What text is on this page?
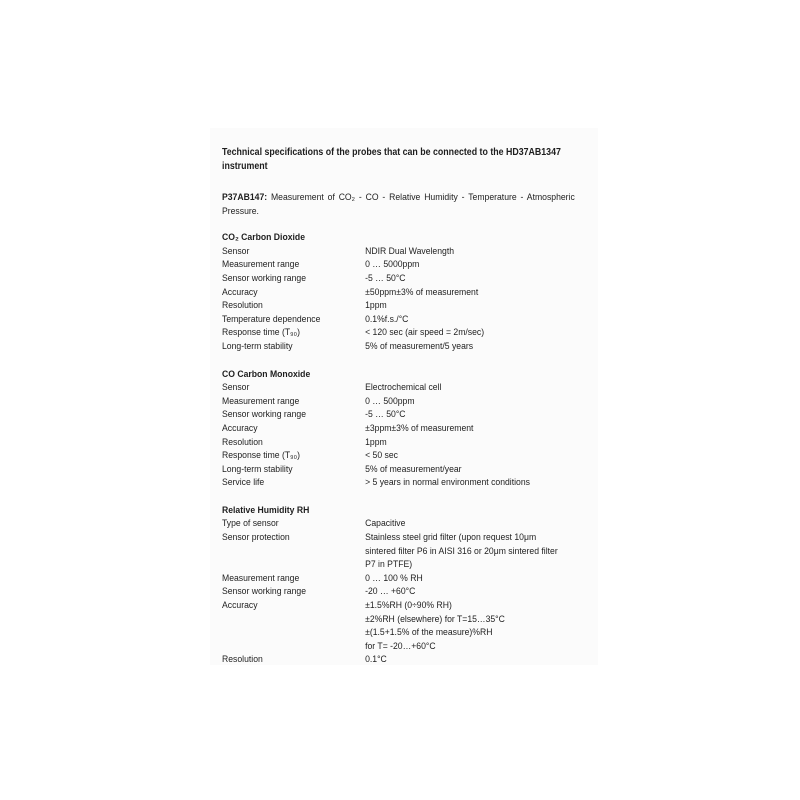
Technical specifications of the probes that can be connected to the HD37AB1347 instrument

P37AB147: Measurement of CO₂ - CO - Relative Humidity - Temperature - Atmospheric Pressure.

CO₂ Carbon Dioxide

Sensor	NDIR Dual Wavelength

Measurement range	0 … 5000ppm

Sensor working range	-5 … 50°C

Accuracy	±50ppm±3% of measurement

Resolution	1ppm

Temperature dependence	0.1%f.s./°C

Response time (T₉₀)	< 120 sec (air speed = 2m/sec)

Long-term stability	5% of measurement/5 years

CO Carbon Monoxide

Sensor	Electrochemical cell

Measurement range	0 … 500ppm

Sensor working range	-5 … 50°C

Accuracy	±3ppm±3% of measurement

Resolution	1ppm

Response time (T₉₀)	< 50 sec

Long-term stability	5% of measurement/year

Service life	> 5 years in normal environment conditions

Relative Humidity RH

Type of sensor	Capacitive

Sensor protection	Stainless steel grid filter (upon request 10μm
sintered filter P6 in AISI 316 or 20μm sintered filter
P7 in PTFE)

Measurement range	0 … 100 % RH

Sensor working range	-20 … +60°C

Accuracy	±1.5%RH (0÷90% RH)
±2%RH (elsewhere) for T=15…35°C
±(1.5+1.5% of the measure)%RH
for T= -20…+60°C

Resolution	0.1°C
